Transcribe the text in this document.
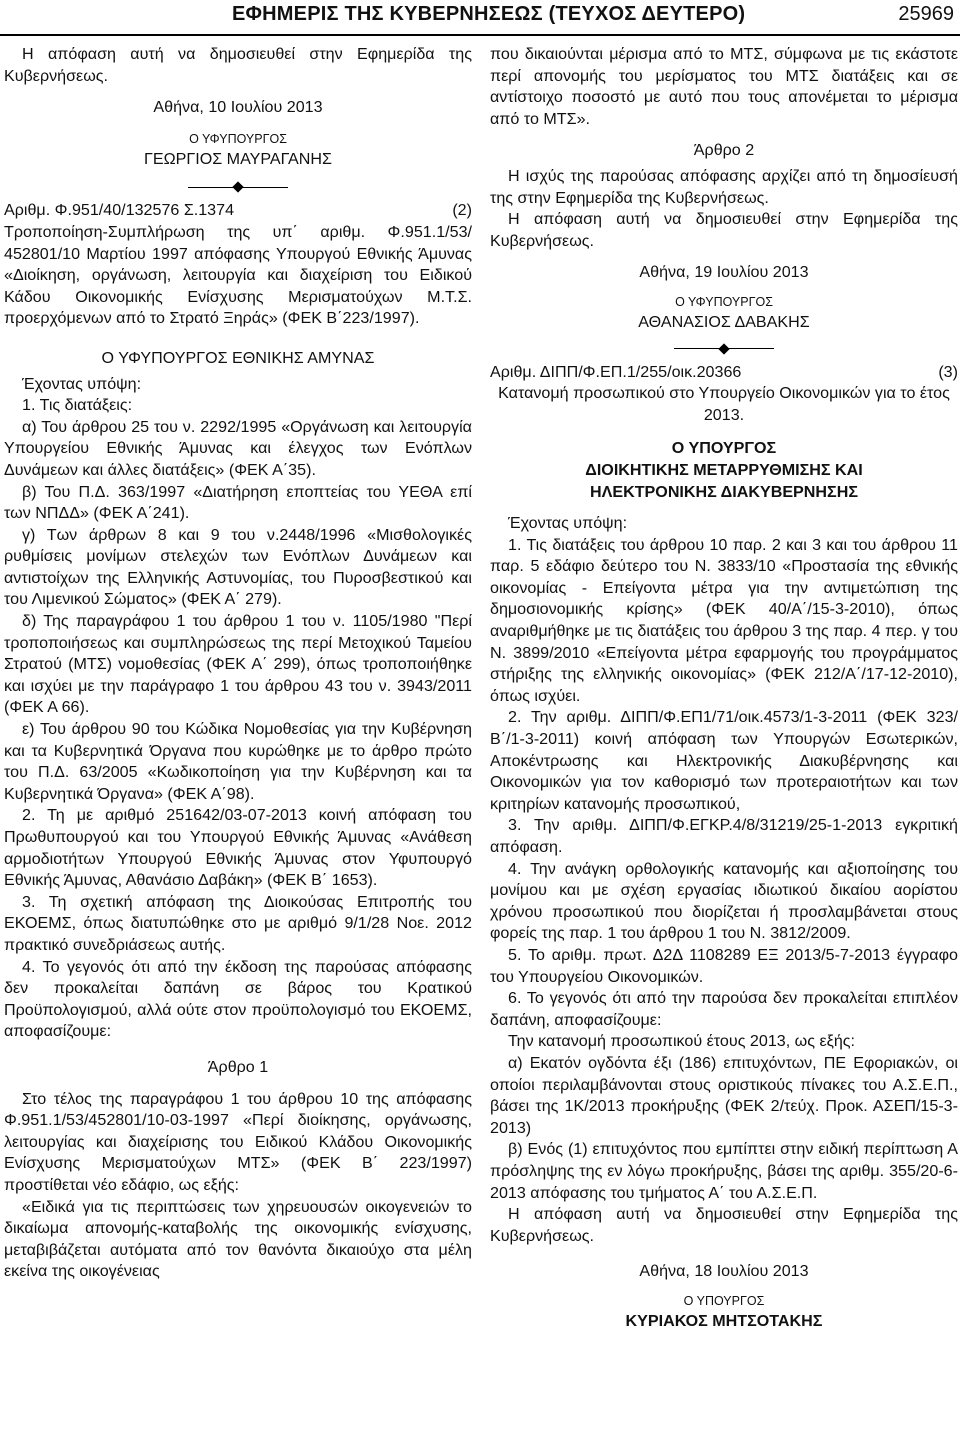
ΕΦΗΜΕΡΙΣ ΤΗΣ ΚΥΒΕΡΝΗΣΕΩΣ (ΤΕΥΧΟΣ ΔΕΥΤΕΡΟ)	25969

Η απόφαση αυτή να δημοσιευθεί στην Εφημερίδα της Κυβερνήσεως.

Αθήνα, 10 Ιουλίου 2013

Ο ΥΦΥΠΟΥΡΓΟΣ

ΓΕΩΡΓΙΟΣ ΜΑΥΡΑΓΑΝΗΣ

Αριθμ. Φ.951/40/132576 Σ.1374	(2)

Τροποποίηση-Συμπλήρωση της υπ΄ αριθμ. Φ.951.1/53/ 452801/10 Μαρτίου 1997 απόφασης Υπουργού Εθνικής Άμυνας «Διοίκηση, οργάνωση, λειτουργία και διαχείριση του Ειδικού Κάδου Οικονομικής Ενίσχυσης Μερισματούχων Μ.Τ.Σ. προερχόμενων από το Στρατό Ξηράς» (ΦΕΚ Β΄223/1997).

Ο ΥΦΥΠΟΥΡΓΟΣ ΕΘΝΙΚΗΣ ΑΜΥΝΑΣ

Έχοντας υπόψη:

1. Τις διατάξεις:

α) Του άρθρου 25 του ν. 2292/1995 «Οργάνωση και λειτουργία Υπουργείου Εθνικής Άμυνας και έλεγχος των Ενόπλων Δυνάμεων και άλλες διατάξεις» (ΦΕΚ Α΄35).

β) Του Π.Δ. 363/1997 «Διατήρηση εποπτείας του ΥΕΘΑ επί των ΝΠΔΔ» (ΦΕΚ Α΄241).

γ) Των άρθρων 8 και 9 του ν.2448/1996 «Μισθολογικές ρυθμίσεις μονίμων στελεχών των Ενόπλων Δυνάμεων και αντιστοίχων της Ελληνικής Αστυνομίας, του Πυροσβεστικού και του Λιμενικού Σώματος» (ΦΕΚ Α΄ 279).

δ) Της παραγράφου 1 του άρθρου 1 του ν. 1105/1980 "Περί τροποποιήσεως και συμπληρώσεως της περί Μετοχικού Ταμείου Στρατού (ΜΤΣ) νομοθεσίας (ΦΕΚ Α΄ 299), όπως τροποποιήθηκε και ισχύει με την παράγραφο 1 του άρθρου 43 του ν. 3943/2011 (ΦΕΚ Α 66).

ε) Του άρθρου 90 του Κώδικα Νομοθεσίας για την Κυβέρνηση και τα Κυβερνητικά Όργανα που κυρώθηκε με το άρθρο πρώτο του Π.Δ. 63/2005 «Κωδικοποίηση για την Κυβέρνηση και τα Κυβερνητικά Όργανα» (ΦΕΚ Α΄98).

2. Τη με αριθμό 251642/03-07-2013 κοινή απόφαση του Πρωθυπουργού και του Υπουργού Εθνικής Άμυνας «Ανάθεση αρμοδιοτήτων Υπουργού Εθνικής Άμυνας στον Υφυπουργό Εθνικής Άμυνας, Αθανάσιο Δαβάκη» (ΦΕΚ Β΄ 1653).

3. Τη σχετική απόφαση της Διοικούσας Επιτροπής του ΕΚΟΕΜΣ, όπως διατυπώθηκε στο με αριθμό 9/1/28 Νοε. 2012 πρακτικό συνεδριάσεως αυτής.

4. Το γεγονός ότι από την έκδοση της παρούσας απόφασης δεν προκαλείται δαπάνη σε βάρος του Κρατικού Προϋπολογισμού, αλλά ούτε στον προϋπολογισμό του ΕΚΟΕΜΣ, αποφασίζουμε:

Άρθρο 1

Στο τέλος της παραγράφου 1 του άρθρου 10 της απόφασης Φ.951.1/53/452801/10-03-1997 «Περί διοίκησης, οργάνωσης, λειτουργίας και διαχείρισης του Ειδικού Κλάδου Οικονομικής Ενίσχυσης Μερισματούχων ΜΤΣ» (ΦΕΚ Β΄ 223/1997) προστίθεται νέο εδάφιο, ως εξής:

«Ειδικά για τις περιπτώσεις των χηρευουσών οικογενειών το δικαίωμα απονομής-καταβολής της οικονομικής ενίσχυσης, μεταβιβάζεται αυτόματα από τον θανόντα δικαιούχο στα μέλη εκείνα της οικογένειας

που δικαιούνται μέρισμα από το ΜΤΣ, σύμφωνα με τις εκάστοτε περί απονομής του μερίσματος του ΜΤΣ διατάξεις και σε αντίστοιχο ποσοστό με αυτό που τους απονέμεται το μέρισμα από το ΜΤΣ».

Άρθρο 2

Η ισχύς της παρούσας απόφασης αρχίζει από τη δημοσίευσή της στην Εφημερίδα της Κυβερνήσεως.

Η απόφαση αυτή να δημοσιευθεί στην Εφημερίδα της Κυβερνήσεως.

Αθήνα, 19 Ιουλίου 2013

Ο ΥΦΥΠΟΥΡΓΟΣ

ΑΘΑΝΑΣΙΟΣ ΔΑΒΑΚΗΣ

Αριθμ. ΔΙΠΠ/Φ.ΕΠ.1/255/οικ.20366	(3)

Κατανομή προσωπικού στο Υπουργείο Οικονομικών για το έτος 2013.

Ο ΥΠΟΥΡΓΟΣ

ΔΙΟΙΚΗΤΙΚΗΣ ΜΕΤΑΡΡΥΘΜΙΣΗΣ ΚΑΙ

ΗΛΕΚΤΡΟΝΙΚΗΣ ΔΙΑΚΥΒΕΡΝΗΣΗΣ

Έχοντας υπόψη:

1. Τις διατάξεις του άρθρου 10 παρ. 2 και 3 και του άρθρου 11 παρ. 5 εδάφιο δεύτερο του Ν. 3833/10 «Προστασία της εθνικής οικονομίας - Επείγοντα μέτρα για την αντιμετώπιση της δημοσιονομικής κρίσης» (ΦΕΚ 40/Α΄/15-3-2010), όπως αναριθμήθηκε με τις διατάξεις του άρθρου 3 της παρ. 4 περ. γ του Ν. 3899/2010 «Επείγοντα μέτρα εφαρμογής του προγράμματος στήριξης της ελληνικής οικονομίας» (ΦΕΚ 212/Α΄/17-12-2010), όπως ισχύει.

2. Την αριθμ. ΔΙΠΠ/Φ.ΕΠ1/71/οικ.4573/1-3-2011 (ΦΕΚ 323/Β΄/1-3-2011) κοινή απόφαση των Υπουργών Εσωτερικών, Αποκέντρωσης και Ηλεκτρονικής Διακυβέρνησης και Οικονομικών για τον καθορισμό των προτεραιοτήτων και των κριτηρίων κατανομής προσωπικού,

3. Την αριθμ. ΔΙΠΠ/Φ.ΕΓΚΡ.4/8/31219/25-1-2013 εγκριτική απόφαση.

4. Την ανάγκη ορθολογικής κατανομής και αξιοποίησης του μονίμου και με σχέση εργασίας ιδιωτικού δικαίου αορίστου χρόνου προσωπικού που διορίζεται ή προσλαμβάνεται στους φορείς της παρ. 1 του άρθρου 1 του Ν. 3812/2009.

5. Το αριθμ. πρωτ. Δ2Δ 1108289 ΕΞ 2013/5-7-2013 έγγραφο του Υπουργείου Οικονομικών.

6. Το γεγονός ότι από την παρούσα δεν προκαλείται επιπλέον δαπάνη, αποφασίζουμε:

Την κατανομή προσωπικού έτους 2013, ως εξής:

α) Εκατόν ογδόντα έξι (186) επιτυχόντων, ΠΕ Εφοριακών, οι οποίοι περιλαμβάνονται στους οριστικούς πίνακες του Α.Σ.Ε.Π., βάσει της 1Κ/2013 προκήρυξης (ΦΕΚ 2/τεύχ. Προκ. ΑΣΕΠ/15-3-2013)

β) Ενός (1) επιτυχόντος που εμπίπτει στην ειδική περίπτωση Α πρόσληψης της εν λόγω προκήρυξης, βάσει της αριθμ. 355/20-6-2013 απόφασης του τμήματος Α΄ του Α.Σ.Ε.Π.

Η απόφαση αυτή να δημοσιευθεί στην Εφημερίδα της Κυβερνήσεως.

Αθήνα, 18 Ιουλίου 2013

Ο ΥΠΟΥΡΓΟΣ

ΚΥΡΙΑΚΟΣ ΜΗΤΣΟΤΑΚΗΣ
